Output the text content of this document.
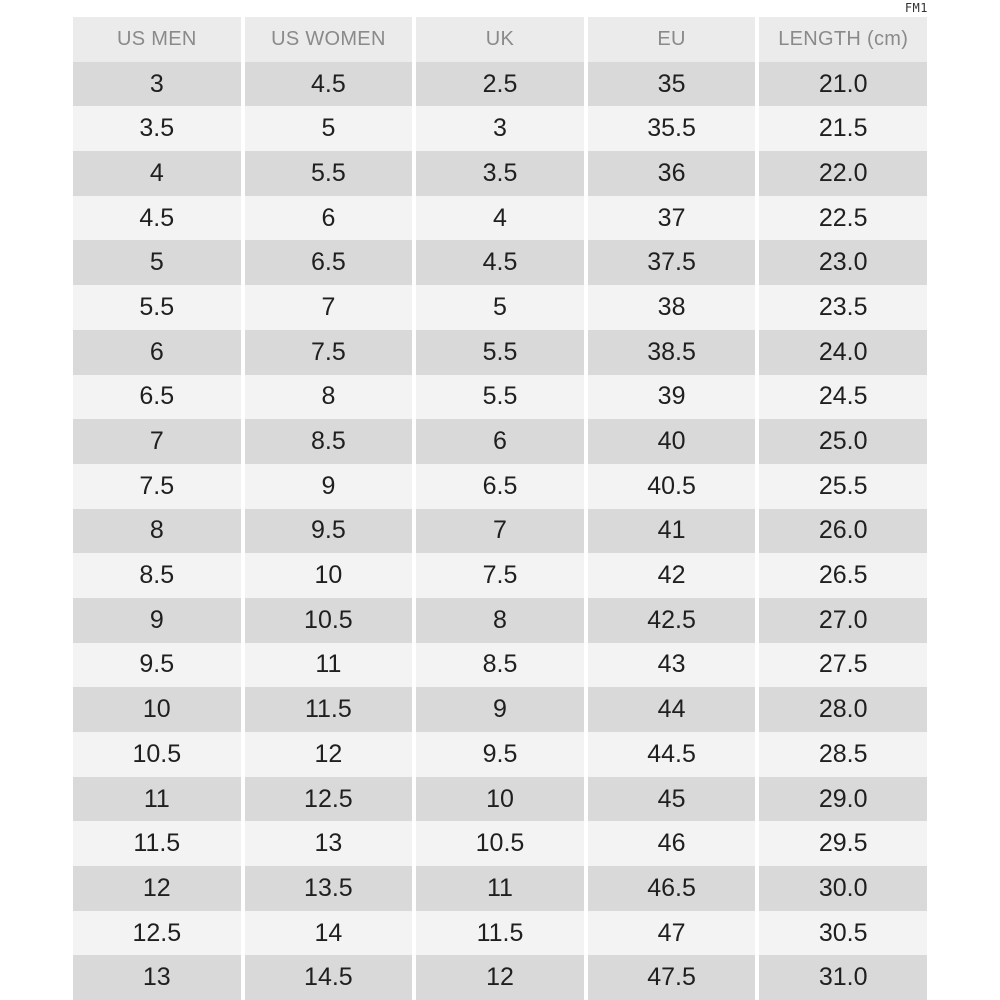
FM1
US MEN	US WOMEN	UK	EU	LENGTH (cm)
3	4.5	2.5	35	21.0
3.5	5	3	35.5	21.5
4	5.5	3.5	36	22.0
4.5	6	4	37	22.5
5	6.5	4.5	37.5	23.0
5.5	7	5	38	23.5
6	7.5	5.5	38.5	24.0
6.5	8	5.5	39	24.5
7	8.5	6	40	25.0
7.5	9	6.5	40.5	25.5
8	9.5	7	41	26.0
8.5	10	7.5	42	26.5
9	10.5	8	42.5	27.0
9.5	11	8.5	43	27.5
10	11.5	9	44	28.0
10.5	12	9.5	44.5	28.5
11	12.5	10	45	29.0
11.5	13	10.5	46	29.5
12	13.5	11	46.5	30.0
12.5	14	11.5	47	30.5
13	14.5	12	47.5	31.0
